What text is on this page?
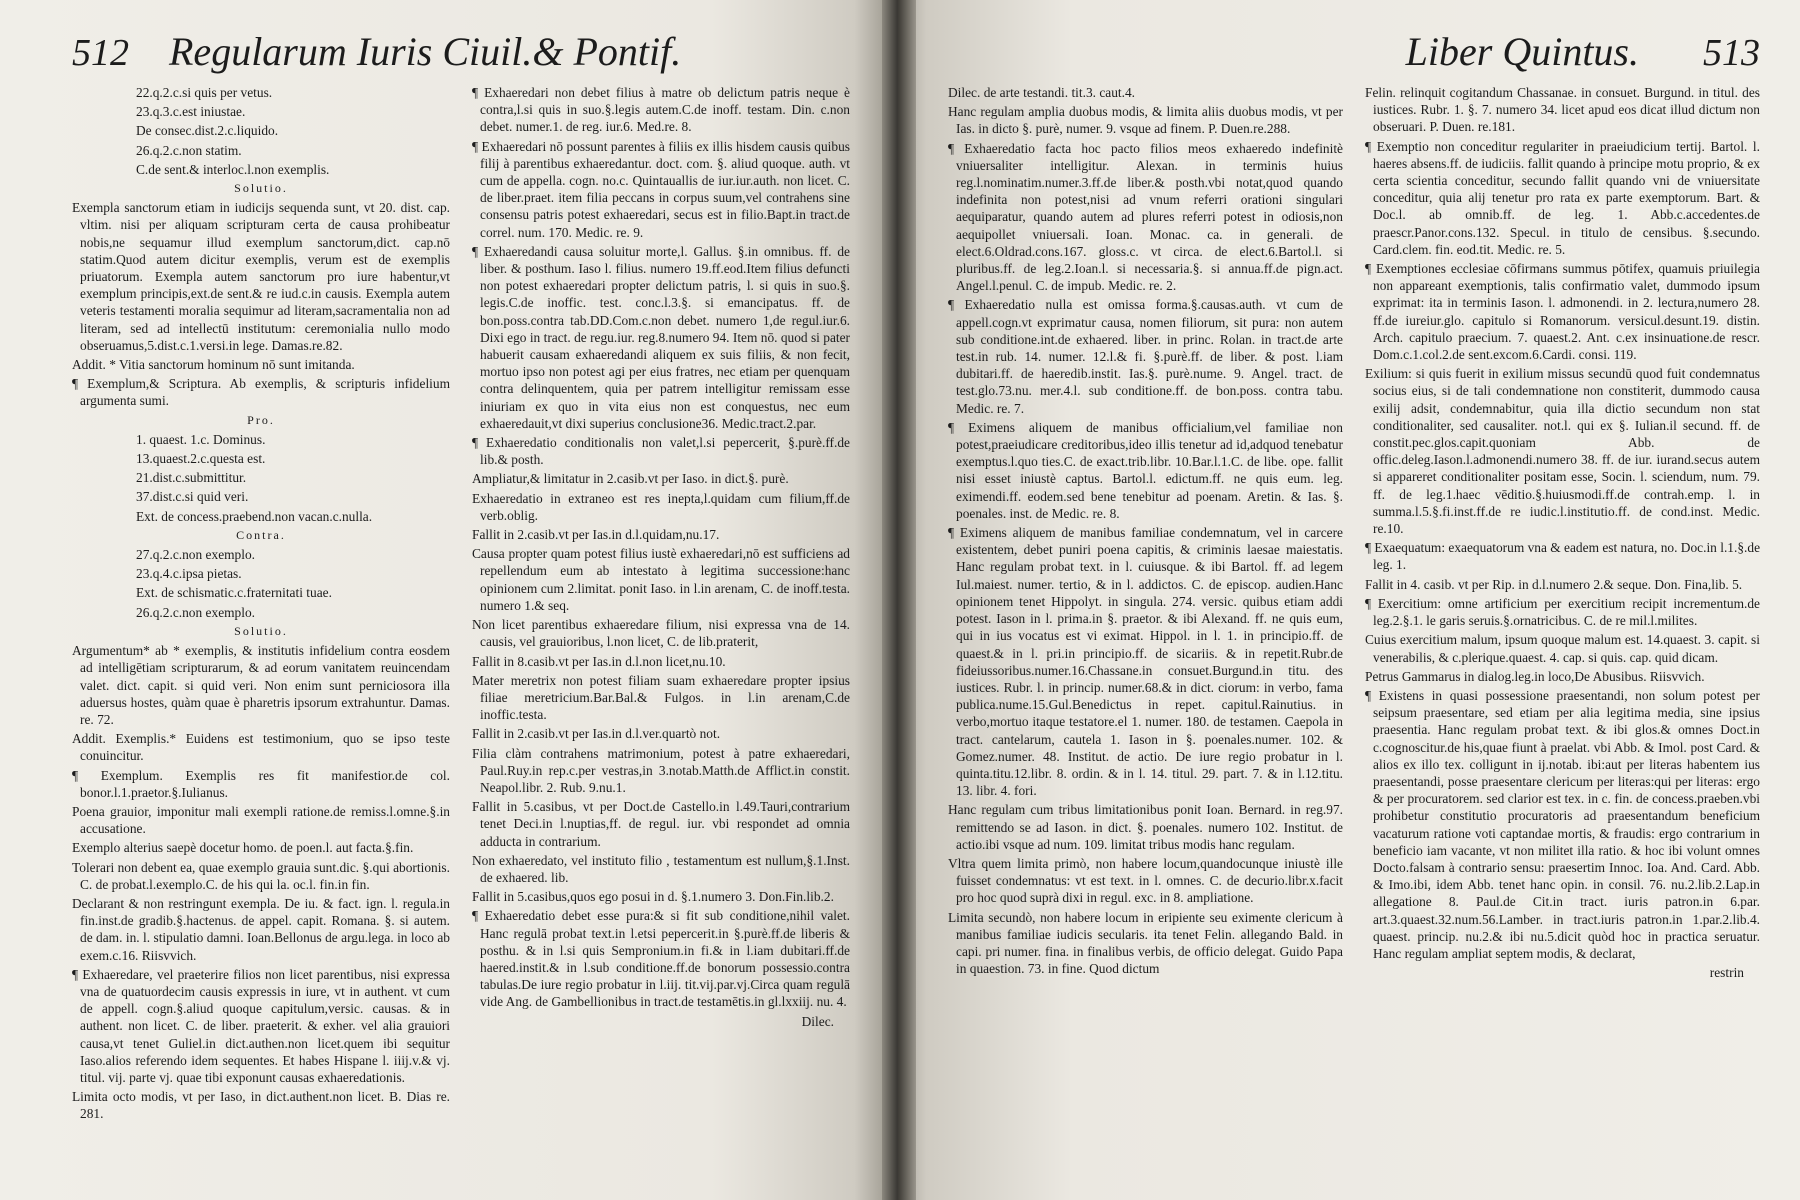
512 Regularum Iuris Ciuil.& Pontif.

22.q.2.c.si quis per vetus.

23.q.3.c.est iniustae.

De consec.dist.2.c.liquido.

26.q.2.c.non statim.

C.de sent.& interloc.l.non exemplis.

Solutio.

Exempla sanctorum etiam in iudicijs sequenda sunt, vt 20. dist. cap. vltim. nisi per aliquam scripturam certa de causa prohibeatur nobis,ne sequamur illud exemplum sanctorum,dict. cap.nō statim.Quod autem dicitur exemplis, verum est de exemplis priuatorum. Exempla autem sanctorum pro iure habentur,vt exemplum principis,ext.de sent.& re iud.c.in causis. Exempla autem veteris testamenti moralia sequimur ad literam,sacramentalia non ad literam, sed ad intellectū institutum: ceremonialia nullo modo obseruamus,5.dist.c.1.versi.in lege. Damas.re.82.

Addit. * Vitia sanctorum hominum nō sunt imitanda.

¶ Exemplum,& Scriptura. Ab exemplis, & scripturis infidelium argumenta sumi.

Pro.

1. quaest. 1.c. Dominus.

13.quaest.2.c.questa est.

21.dist.c.submittitur.

37.dist.c.si quid veri.

Ext. de concess.praebend.non vacan.c.nulla.

Contra.

27.q.2.c.non exemplo.

23.q.4.c.ipsa pietas.

Ext. de schismatic.c.fraternitati tuae.

26.q.2.c.non exemplo.

Solutio.

Argumentum* ab * exemplis, & institutis infidelium contra eosdem ad intelligētiam scripturarum, & ad eorum vanitatem reuincendam valet. dict. capit. si quid veri. Non enim sunt perniciosora illa aduersus hostes, quàm quae è pharetris ipsorum extrahuntur. Damas. re. 72.

Addit. Exemplis.* Euidens est testimonium, quo se ipso teste conuincitur.

¶ Exemplum. Exemplis res fit manifestior.de col. bonor.l.1.praetor.§.Iulianus.

Poena grauior, imponitur mali exempli ratione.de remiss.l.omne.§.in accusatione.

Exemplo alterius saepè docetur homo. de poen.l. aut facta.§.fin.

Tolerari non debent ea, quae exemplo grauia sunt.dic. §.qui abortionis. C. de probat.l.exemplo.C. de his qui la. oc.l. fin.in fin.

Declarant & non restringunt exempla. De iu. & fact. ign. l. regula.in fin.inst.de gradib.§.hactenus. de appel. capit. Romana. §. si autem. de dam. in. l. stipulatio damni. Ioan.Bellonus de argu.lega. in loco ab exem.c.16. Riisvvich.

¶ Exhaeredare, vel praeterire filios non licet parentibus, nisi expressa vna de quatuordecim causis expressis in iure, vt in authent. vt cum de appell. cogn.§.aliud quoque capitulum,versic. causas. & in authent. non licet. C. de liber. praeterit. & exher. vel alia grauiori causa,vt tenet Guliel.in dict.authen.non licet.quem ibi sequitur Iaso.alios referendo idem sequentes. Et habes Hispane l. iiij.v.& vj. titul. vij. parte vj. quae tibi exponunt causas exhaeredationis.

Limita octo modis, vt per Iaso, in dict.authent.non licet. B. Dias re. 281.

¶ Exhaeredari non debet filius à matre ob delictum patris neque è contra,l.si quis in suo.§.legis autem.C.de inoff. testam. Din. c.non debet. numer.1. de reg. iur.6. Med.re. 8.

¶ Exhaeredari nō possunt parentes à filiis ex illis hisdem causis quibus filij à parentibus exhaeredantur. doct. com. §. aliud quoque. auth. vt cum de appella. cogn. no.c. Quintauallis de iur.iur.auth. non licet. C. de liber.praet. item filia peccans in corpus suum,vel contrahens sine consensu patris potest exhaeredari, secus est in filio.Bapt.in tract.de correl. num. 170. Medic. re. 9.

¶ Exhaeredandi causa soluitur morte,l. Gallus. §.in omnibus. ff. de liber. & posthum. Iaso l. filius. numero 19.ff.eod.Item filius defuncti non potest exhaeredari propter delictum patris, l. si quis in suo.§. legis.C.de inoffic. test. conc.l.3.§. si emancipatus. ff. de bon.poss.contra tab.DD.Com.c.non debet. numero 1,de regul.iur.6. Dixi ego in tract. de regu.iur. reg.8.numero 94. Item nō. quod si pater habuerit causam exhaeredandi aliquem ex suis filiis, & non fecit, mortuo ipso non potest agi per eius fratres, nec etiam per quenquam contra delinquentem, quia per patrem intelligitur remissam esse iniuriam ex quo in vita eius non est conquestus, nec eum exhaeredauit,vt dixi superius conclusione36. Medic.tract.2.par.

¶ Exhaeredatio conditionalis non valet,l.si pepercerit, §.purè.ff.de lib.& posth.

Ampliatur,& limitatur in 2.casib.vt per Iaso. in dict.§. purè.

Exhaeredatio in extraneo est res inepta,l.quidam cum filium,ff.de verb.oblig.

Fallit in 2.casib.vt per Ias.in d.l.quidam,nu.17.

Causa propter quam potest filius iustè exhaeredari,nō est sufficiens ad repellendum eum ab intestato à legitima successione:hanc opinionem cum 2.limitat. ponit Iaso. in l.in arenam, C. de inoff.testa. numero 1.& seq.

Non licet parentibus exhaeredare filium, nisi expressa vna de 14. causis, vel grauioribus, l.non licet, C. de lib.praterit,

Fallit in 8.casib.vt per Ias.in d.l.non licet,nu.10.

Mater meretrix non potest filiam suam exhaeredare propter ipsius filiae meretricium.Bar.Bal.& Fulgos. in l.in arenam,C.de inoffic.testa.

Fallit in 2.casib.vt per Ias.in d.l.ver.quartò not.

Filia clàm contrahens matrimonium, potest à patre exhaeredari, Paul.Ruy.in rep.c.per vestras,in 3.notab.Matth.de Afflict.in constit. Neapol.libr. 2. Rub. 9.nu.1.

Fallit in 5.casibus, vt per Doct.de Castello.in l.49.Tauri,contrarium tenet Deci.in l.nuptias,ff. de regul. iur. vbi respondet ad omnia adducta in contrarium.

Non exhaeredato, vel instituto filio , testamentum est nullum,§.1.Inst. de exhaered. lib.

Fallit in 5.casibus,quos ego posui in d. §.1.numero 3. Don.Fin.lib.2.

¶ Exhaeredatio debet esse pura:& si fit sub conditione,nihil valet. Hanc regulā probat text.in l.etsi pepercerit.in §.purè.ff.de liberis & posthu. & in l.si quis Sempronium.in fi.& in l.iam dubitari.ff.de haered.instit.& in l.sub conditione.ff.de bonorum possessio.contra tabulas.De iure regio probatur in l.iij. tit.vij.par.vj.Circa quam regulā vide Ang. de Gambellionibus in tract.de testamētis.in gl.lxxiij. nu. 4.

Dilec.

Liber Quintus. 513

Dilec. de arte testandi. tit.3. caut.4.

Hanc regulam amplia duobus modis, & limita aliis duobus modis, vt per Ias. in dicto §. purè, numer. 9. vsque ad finem. P. Duen.re.288.

¶ Exhaeredatio facta hoc pacto filios meos exhaeredo indefinitè vniuersaliter intelligitur. Alexan. in terminis huius reg.l.nominatim.numer.3.ff.de liber.& posth.vbi notat,quod quando indefinita non potest,nisi ad vnum referri orationi singulari aequiparatur, quando autem ad plures referri potest in odiosis,non aequipollet vniuersali. Ioan. Monac. ca. in generali. de elect.6.Oldrad.cons.167. gloss.c. vt circa. de elect.6.Bartol.l. si pluribus.ff. de leg.2.Ioan.l. si necessaria.§. si annua.ff.de pign.act. Angel.l.penul. C. de impub. Medic. re. 2.

¶ Exhaeredatio nulla est omissa forma.§.causas.auth. vt cum de appell.cogn.vt exprimatur causa, nomen filiorum, sit pura: non autem sub conditione.int.de exhaered. liber. in princ. Rolan. in tract.de arte test.in rub. 14. numer. 12.l.& fi. §.purè.ff. de liber. & post. l.iam dubitari.ff. de haeredib.instit. Ias.§. purè.nume. 9. Angel. tract. de test.glo.73.nu. mer.4.l. sub conditione.ff. de bon.poss. contra tabu. Medic. re. 7.

¶ Eximens aliquem de manibus officialium,vel familiae non potest,praeiudicare creditoribus,ideo illis tenetur ad id,adquod tenebatur exemptus.l.quo ties.C. de exact.trib.libr. 10.Bar.l.1.C. de libe. ope. fallit nisi esset iniustè captus. Bartol.l. edictum.ff. ne quis eum. leg. eximendi.ff. eodem.sed bene tenebitur ad poenam. Aretin. & Ias. §. poenales. inst. de Medic. re. 8.

¶ Eximens aliquem de manibus familiae condemnatum, vel in carcere existentem, debet puniri poena capitis, & criminis laesae maiestatis. Hanc regulam probat text. in l. cuiusque. & ibi Bartol. ff. ad legem Iul.maiest. numer. tertio, & in l. addictos. C. de episcop. audien.Hanc opinionem tenet Hippolyt. in singula. 274. versic. quibus etiam addi potest. Iason in l. prima.in §. praetor. & ibi Alexand. ff. ne quis eum, qui in ius vocatus est vi eximat. Hippol. in l. 1. in principio.ff. de quaest.& in l. pri.in principio.ff. de sicariis. & in repetit.Rubr.de fideiussoribus.numer.16.Chassane.in consuet.Burgund.in titu. des iustices. Rubr. l. in princip. numer.68.& in dict. ciorum: in verbo, fama publica.nume.15.Gul.Benedictus in repet. capitul.Rainutius. in verbo,mortuo itaque testatore.el 1. numer. 180. de testamen. Caepola in tract. cantelarum, cautela 1. Iason in §. poenales.numer. 102. & Gomez.numer. 48. Institut. de actio. De iure regio probatur in l. quinta.titu.12.libr. 8. ordin. & in l. 14. titul. 29. part. 7. & in l.12.titu. 13. libr. 4. fori.

Hanc regulam cum tribus limitationibus ponit Ioan. Bernard. in reg.97. remittendo se ad Iason. in dict. §. poenales. numero 102. Institut. de actio.ibi vsque ad num. 109. limitat tribus modis hanc regulam.

Vltra quem limita primò, non habere locum,quandocunque iniustè ille fuisset condemnatus: vt est text. in l. omnes. C. de decurio.libr.x.facit pro hoc quod suprà dixi in regul. exc. in 8. ampliatione.

Limita secundò, non habere locum in eripiente seu eximente clericum à manibus familiae iudicis secularis. ita tenet Felin. allegando Bald. in capi. pri numer. fina. in finalibus verbis, de officio delegat. Guido Papa in quaestion. 73. in fine. Quod dictum

Felin. relinquit cogitandum Chassanae. in consuet. Burgund. in titul. des iustices. Rubr. 1. §. 7. numero 34. licet apud eos dicat illud dictum non obseruari. P. Duen. re.181.

¶ Exemptio non conceditur regulariter in praeiudicium tertij. Bartol. l. haeres absens.ff. de iudiciis. fallit quando à principe motu proprio, & ex certa scientia conceditur, secundo fallit quando vni de vniuersitate conceditur, quia alij tenetur pro rata ex parte exemptorum. Bart. & Doc.l. ab omnib.ff. de leg. 1. Abb.c.accedentes.de praescr.Panor.cons.132. Specul. in titulo de censibus. §.secundo. Card.clem. fin. eod.tit. Medic. re. 5.

¶ Exemptiones ecclesiae cōfirmans summus pōtifex, quamuis priuilegia non appareant exemptionis, talis confirmatio valet, dummodo ipsum exprimat: ita in terminis Iason. l. admonendi. in 2. lectura,numero 28. ff.de iureiur.glo. capitulo si Romanorum. versicul.desunt.19. distin. Arch. capitulo praecium. 7. quaest.2. Ant. c.ex insinuatione.de rescr. Dom.c.1.col.2.de sent.excom.6.Cardi. consi. 119.

Exilium: si quis fuerit in exilium missus secundū quod fuit condemnatus socius eius, si de tali condemnatione non constiterit, dummodo causa exilij adsit, condemnabitur, quia illa dictio secundum non stat conditionaliter, sed causaliter. not.l. qui ex §. Iulian.il secund. ff. de constit.pec.glos.capit.quoniam Abb. de offic.deleg.Iason.l.admonendi.numero 38. ff. de iur. iurand.secus autem si appareret conditionaliter positam esse, Socin. l. sciendum, num. 79. ff. de leg.1.haec vēditio.§.huiusmodi.ff.de contrah.emp. l. in summa.l.5.§.fi.inst.ff.de re iudic.l.institutio.ff. de cond.inst. Medic. re.10.

¶ Exaequatum: exaequatorum vna & eadem est natura, no. Doc.in l.1.§.de leg. 1.

Fallit in 4. casib. vt per Rip. in d.l.numero 2.& seque. Don. Fina,lib. 5.

¶ Exercitium: omne artificium per exercitium recipit incrementum.de leg.2.§.1. le garis seruis.§.ornatricibus. C. de re mil.l.milites.

Cuius exercitium malum, ipsum quoque malum est. 14.quaest. 3. capit. si venerabilis, & c.plerique.quaest. 4. cap. si quis. cap. quid dicam.

Petrus Gammarus in dialog.leg.in loco,De Abusibus. Riisvvich.

¶ Existens in quasi possessione praesentandi, non solum potest per seipsum praesentare, sed etiam per alia legitima media, sine ipsius praesentia. Hanc regulam probat text. & ibi glos.& omnes Doct.in c.cognoscitur.de his,quae fiunt à praelat. vbi Abb. & Imol. post Card. & alios ex illo tex. colligunt in ij.notab. ibi:aut per literas habentem ius praesentandi, posse praesentare clericum per literas:qui per literas: ergo & per procuratorem. sed clarior est tex. in c. fin. de concess.praeben.vbi prohibetur constitutio procuratoris ad praesentandum beneficium vacaturum ratione voti captandae mortis, & fraudis: ergo contrarium in beneficio iam vacante, vt non militet illa ratio. & hoc ibi volunt omnes Docto.falsam à contrario sensu: praesertim Innoc. Ioa. And. Card. Abb. & Imo.ibi, idem Abb. tenet hanc opin. in consil. 76. nu.2.lib.2.Lap.in allegatione 8. Paul.de Cit.in tract. iuris patron.in 6.par. art.3.quaest.32.num.56.Lamber. in tract.iuris patron.in 1.par.2.lib.4. quaest. princip. nu.2.& ibi nu.5.dicit quòd hoc in practica seruatur. Hanc regulam ampliat septem modis, & declarat,

restrin
